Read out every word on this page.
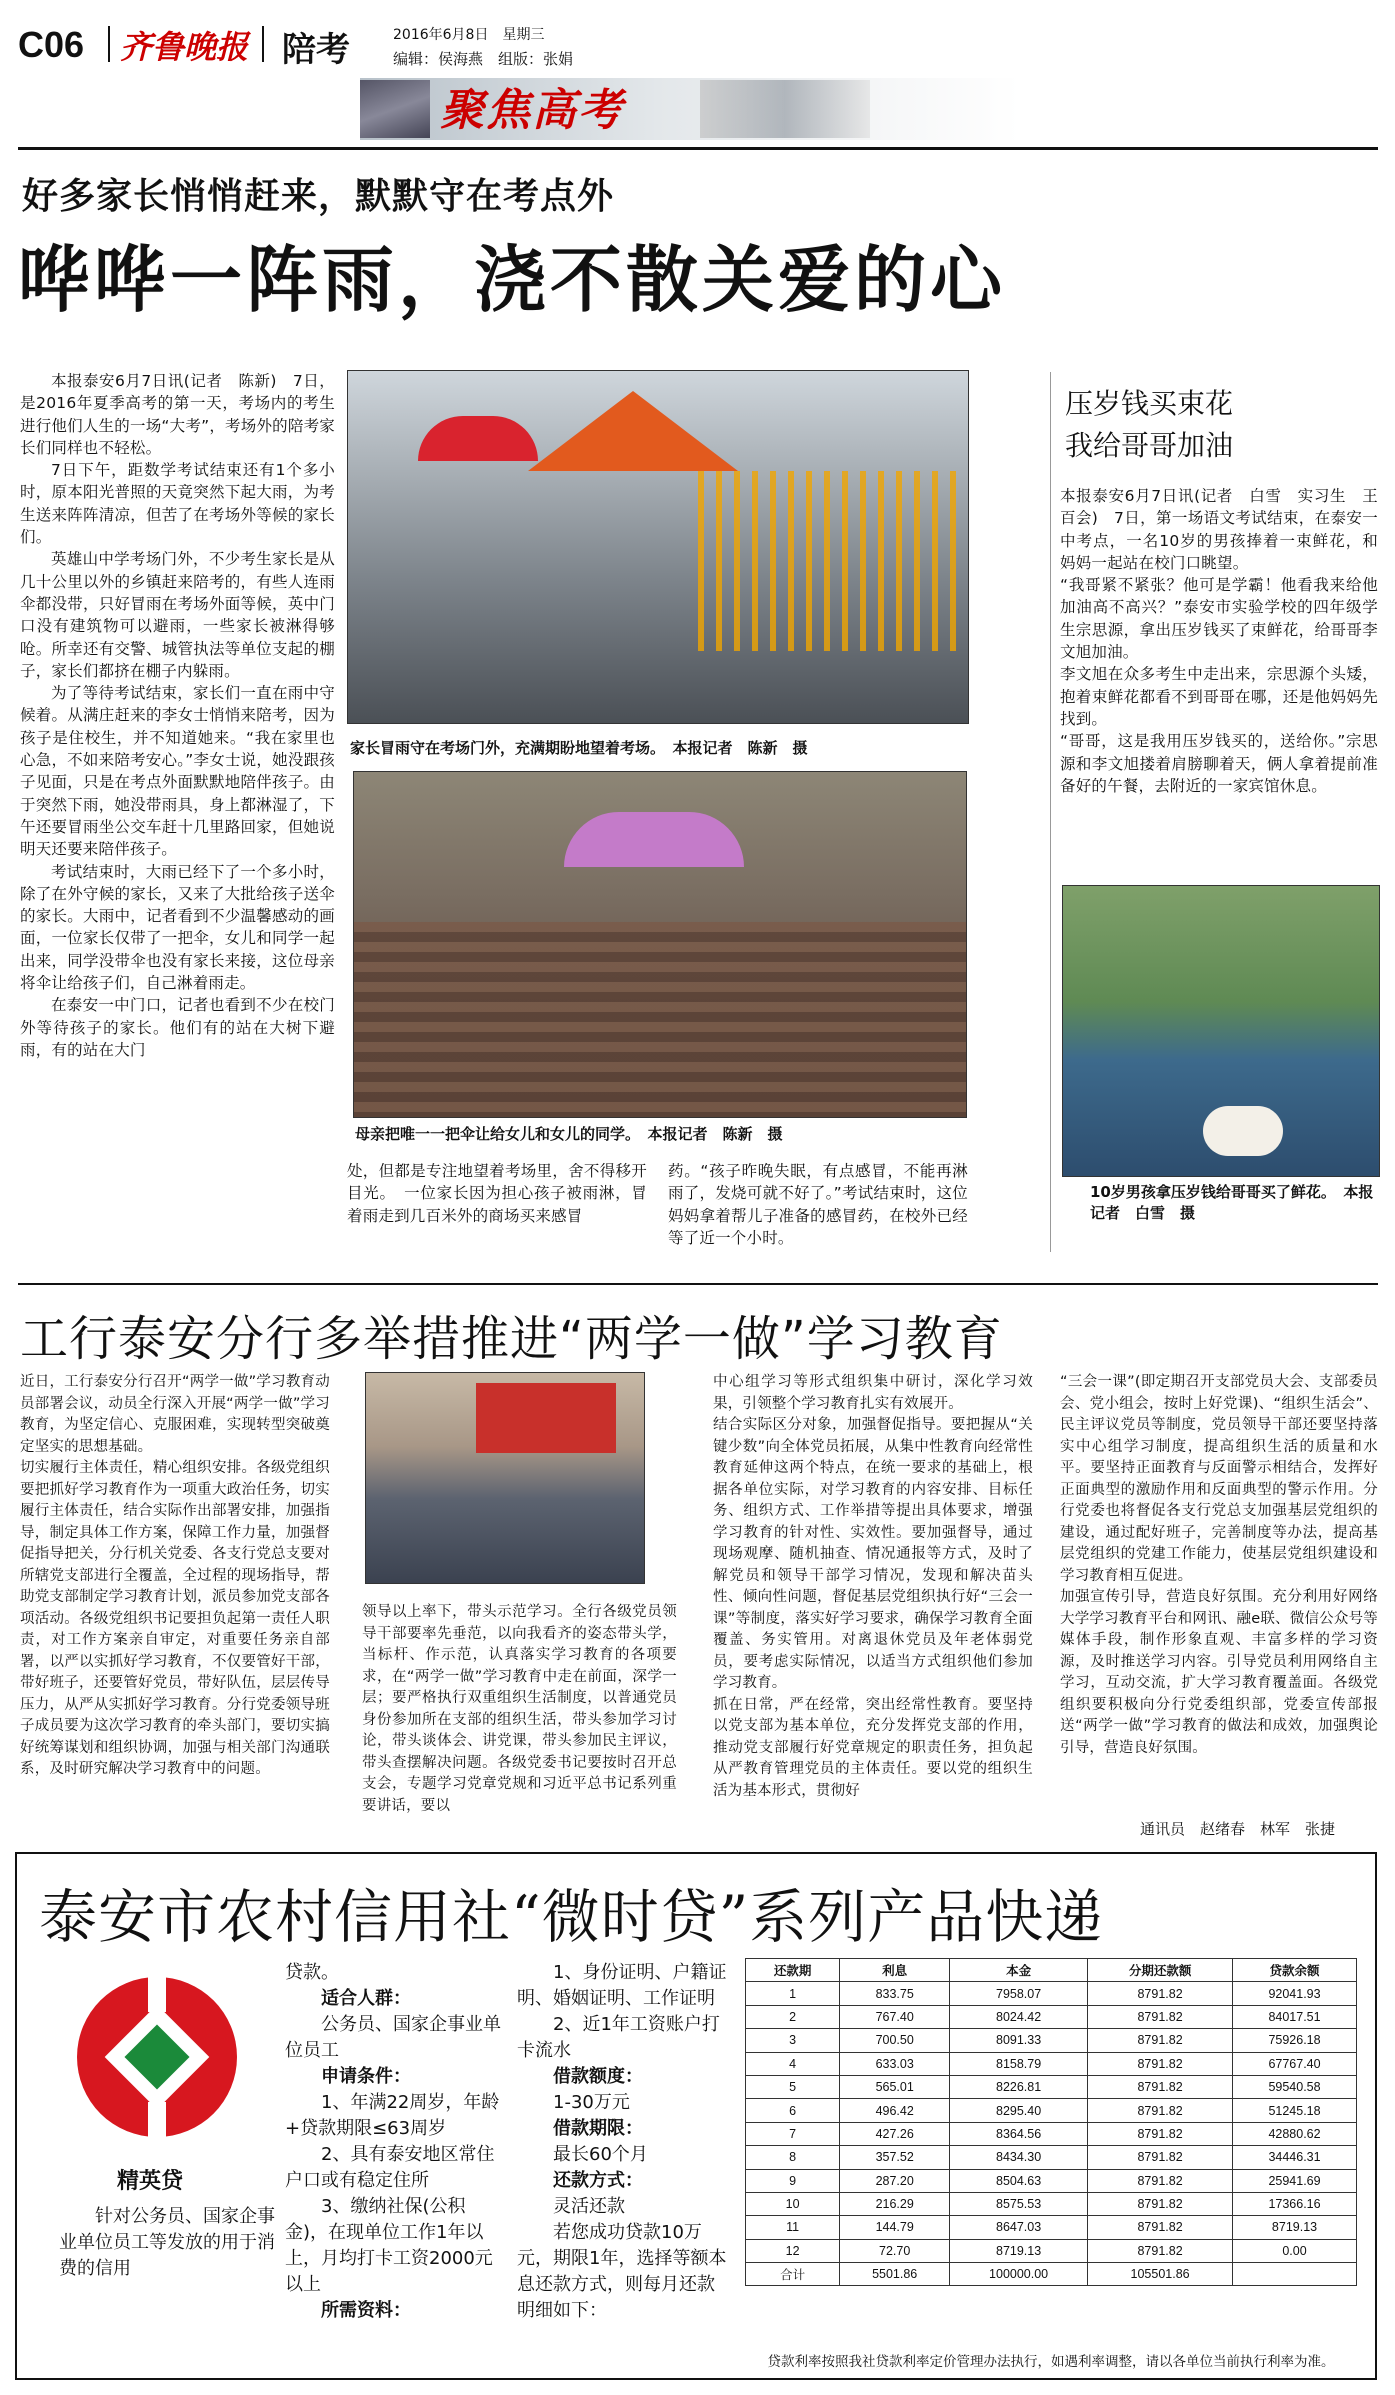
C06 齐鲁晚报 陪考	2016年6月8日　星期三
编辑：侯海燕　组版：张娟
聚焦高考
好多家长悄悄赶来，默默守在考点外
哗哗一阵雨，浇不散关爱的心

本报泰安6月7日讯(记者　陈新)　7日，是2016年夏季高考的第一天，考场内的考生进行他们人生的一场“大考”，考场外的陪考家长们同样也不轻松。

7日下午，距数学考试结束还有1个多小时，原本阳光普照的天竟突然下起大雨，为考生送来阵阵清凉，但苦了在考场外等候的家长们。

英雄山中学考场门外，不少考生家长是从几十公里以外的乡镇赶来陪考的，有些人连雨伞都没带，只好冒雨在考场外面等候，英中门口没有建筑物可以避雨，一些家长被淋得够呛。所幸还有交警、城管执法等单位支起的棚子，家长们都挤在棚子内躲雨。

为了等待考试结束，家长们一直在雨中守候着。从满庄赶来的李女士悄悄来陪考，因为孩子是住校生，并不知道她来。“我在家里也心急，不如来陪考安心。”李女士说，她没跟孩子见面，只是在考点外面默默地陪伴孩子。由于突然下雨，她没带雨具，身上都淋湿了，下午还要冒雨坐公交车赶十几里路回家，但她说明天还要来陪伴孩子。

考试结束时，大雨已经下了一个多小时，除了在外守候的家长，又来了大批给孩子送伞的家长。大雨中，记者看到不少温馨感动的画面，一位家长仅带了一把伞，女儿和同学一起出来，同学没带伞也没有家长来接，这位母亲将伞让给孩子们，自己淋着雨走。

在泰安一中门口，记者也看到不少在校门外等待孩子的家长。他们有的站在大树下避雨，有的站在大门

家长冒雨守在考场门外，充满期盼地望着考场。　本报记者　陈新　摄
母亲把唯一一把伞让给女儿和女儿的同学。　本报记者　陈新　摄
处，但都是专注地望着考场里，舍不得移开目光。　一位家长因为担心孩子被雨淋，冒着雨走到几百米外的商场买来感冒
药。“孩子昨晚失眠，有点感冒，不能再淋雨了，发烧可就不好了。”考试结束时，这位妈妈拿着帮儿子准备的感冒药，在校外已经等了近一个小时。
压岁钱买束花
我给哥哥加油
本报泰安6月7日讯(记者　白雪　实习生　王百会)　7日，第一场语文考试结束，在泰安一中考点，一名10岁的男孩捧着一束鲜花，和妈妈一起站在校门口眺望。
“我哥紧不紧张？他可是学霸！他看我来给他加油高不高兴？”泰安市实验学校的四年级学生宗思源，拿出压岁钱买了束鲜花，给哥哥李文旭加油。
李文旭在众多考生中走出来，宗思源个头矮，抱着束鲜花都看不到哥哥在哪，还是他妈妈先找到。
“哥哥，这是我用压岁钱买的，送给你。”宗思源和李文旭搂着肩膀聊着天，俩人拿着提前准备好的午餐，去附近的一家宾馆休息。
10岁男孩拿压岁钱给哥哥买了鲜花。　本报记者　白雪　摄
工行泰安分行多举措推进“两学一做”学习教育
近日，工行泰安分行召开“两学一做”学习教育动员部署会议，动员全行深入开展“两学一做”学习教育，为坚定信心、克服困难，实现转型突破奠定坚实的思想基础。
切实履行主体责任，精心组织安排。各级党组织要把抓好学习教育作为一项重大政治任务，切实履行主体责任，结合实际作出部署安排，加强指导，制定具体工作方案，保障工作力量，加强督促指导把关，分行机关党委、各支行党总支要对所辖党支部进行全覆盖，全过程的现场指导，帮助党支部制定学习教育计划，派员参加党支部各项活动。各级党组织书记要担负起第一责任人职责，对工作方案亲自审定，对重要任务亲自部署，以严以实抓好学习教育，不仅要管好干部，带好班子，还要管好党员，带好队伍，层层传导压力，从严从实抓好学习教育。分行党委领导班子成员要为这次学习教育的牵头部门，要切实搞好统筹谋划和组织协调，加强与相关部门沟通联系，及时研究解决学习教育中的问题。
领导以上率下，带头示范学习。全行各级党员领导干部要率先垂范，以向我看齐的姿态带头学，当标杆、作示范，认真落实学习教育的各项要求，在“两学一做”学习教育中走在前面，深学一层；要严格执行双重组织生活制度，以普通党员身份参加所在支部的组织生活，带头参加学习讨论，带头谈体会、讲党课，带头参加民主评议，带头查摆解决问题。各级党委书记要按时召开总支会，专题学习党章党规和习近平总书记系列重要讲话，要以
中心组学习等形式组织集中研讨，深化学习效果，引领整个学习教育扎实有效展开。
结合实际区分对象，加强督促指导。要把握从“关键少数”向全体党员拓展，从集中性教育向经常性教育延伸这两个特点，在统一要求的基础上，根据各单位实际，对学习教育的内容安排、目标任务、组织方式、工作举措等提出具体要求，增强学习教育的针对性、实效性。要加强督导，通过现场观摩、随机抽查、情况通报等方式，及时了解党员和领导干部学习情况，发现和解决苗头性、倾向性问题，督促基层党组织执行好“三会一课”等制度，落实好学习要求，确保学习教育全面覆盖、务实管用。对离退休党员及年老体弱党员，要考虑实际情况，以适当方式组织他们参加学习教育。
抓在日常，严在经常，突出经常性教育。要坚持以党支部为基本单位，充分发挥党支部的作用，推动党支部履行好党章规定的职责任务，担负起从严教育管理党员的主体责任。要以党的组织生活为基本形式，贯彻好
“三会一课”(即定期召开支部党员大会、支部委员会、党小组会，按时上好党课)、“组织生活会”、民主评议党员等制度，党员领导干部还要坚持落实中心组学习制度，提高组织生活的质量和水平。要坚持正面教育与反面警示相结合，发挥好正面典型的激励作用和反面典型的警示作用。分行党委也将督促各支行党总支加强基层党组织的建设，通过配好班子，完善制度等办法，提高基层党组织的党建工作能力，使基层党组织建设和学习教育相互促进。
加强宣传引导，营造良好氛围。充分利用好网络大学学习教育平台和网讯、融e联、微信公众号等媒体手段，制作形象直观、丰富多样的学习资源，及时推送学习内容。引导党员利用网络自主学习，互动交流，扩大学习教育覆盖面。各级党组织要积极向分行党委组织部，党委宣传部报送“两学一做”学习教育的做法和成效，加强舆论引导，营造良好氛围。
通讯员　赵绪春　林军　张捷
泰安市农村信用社“微时贷”系列产品快递
精英贷
针对公务员、国家企事业单位员工等发放的用于消费的信用
贷款。
适合人群：
公务员、国家企事业单位员工
申请条件：
1、年满22周岁，年龄+贷款期限≤63周岁
2、具有泰安地区常住户口或有稳定住所
3、缴纳社保(公积金)，在现单位工作1年以上，月均打卡工资2000元以上
所需资料：
1、身份证明、户籍证明、婚姻证明、工作证明
2、近1年工资账户打卡流水
借款额度：
1-30万元
借款期限：
最长60个月
还款方式：
灵活还款
若您成功贷款10万元，期限1年，选择等额本息还款方式，则每月还款明细如下：
还款期	利息	本金	分期还款额	贷款余额
1	833.75	7958.07	8791.82	92041.93
2	767.40	8024.42	8791.82	84017.51
3	700.50	8091.33	8791.82	75926.18
4	633.03	8158.79	8791.82	67767.40
5	565.01	8226.81	8791.82	59540.58
6	496.42	8295.40	8791.82	51245.18
7	427.26	8364.56	8791.82	42880.62
8	357.52	8434.30	8791.82	34446.31
9	287.20	8504.63	8791.82	25941.69
10	216.29	8575.53	8791.82	17366.16
11	144.79	8647.03	8791.82	8719.13
12	72.70	8719.13	8791.82	0.00
合计	5501.86	100000.00	105501.86	
贷款利率按照我社贷款利率定价管理办法执行，如遇利率调整，请以各单位当前执行利率为准。
